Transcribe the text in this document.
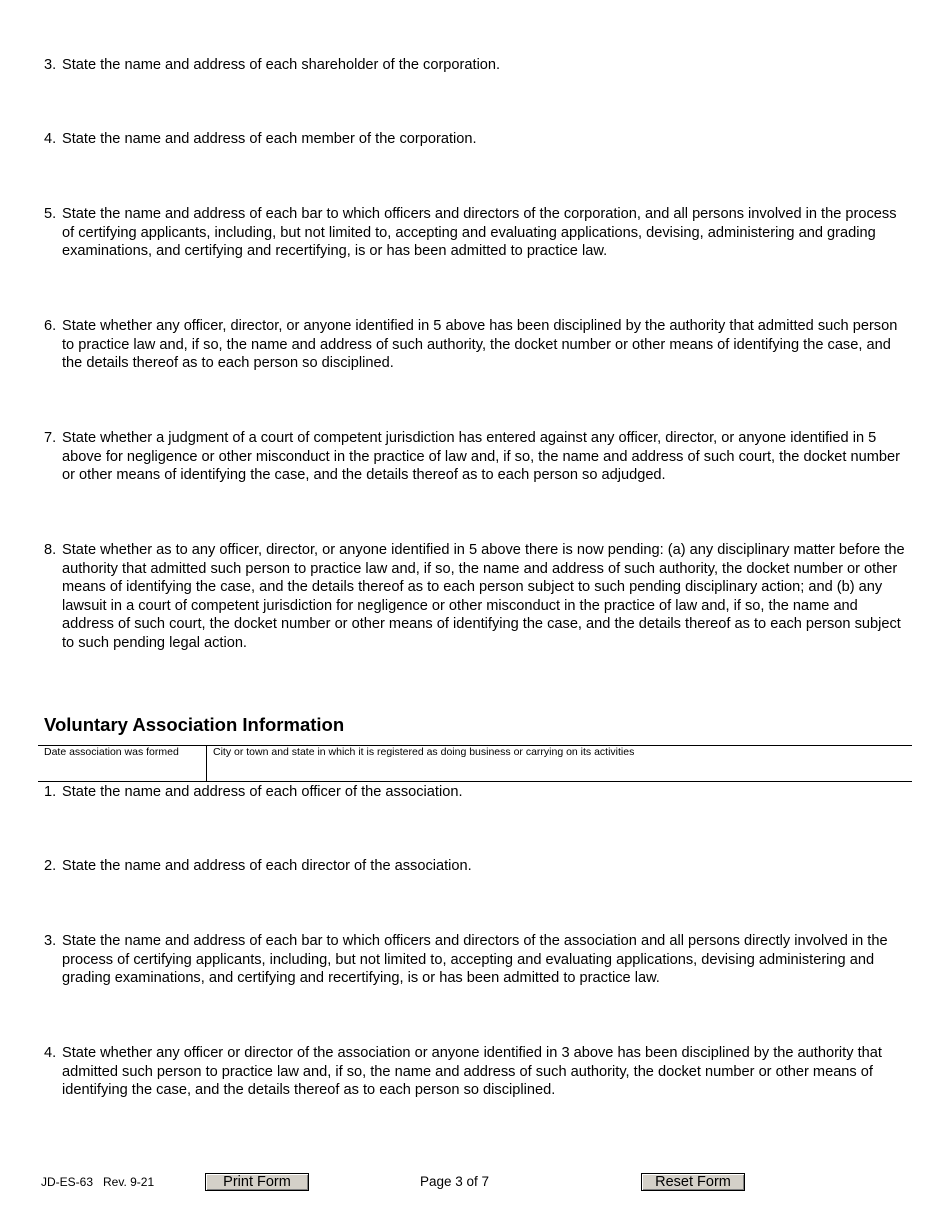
3. State the name and address of each shareholder of the corporation.
4. State the name and address of each member of the corporation.
5. State the name and address of each bar to which officers and directors of the corporation, and all persons involved in the process of certifying applicants, including, but not limited to, accepting and evaluating applications, devising, administering and grading examinations, and certifying and recertifying, is or has been admitted to practice law.
6. State whether any officer, director, or anyone identified in 5 above has been disciplined by the authority that admitted such person to practice law and, if so, the name and address of such authority, the docket number or other means of identifying the case, and the details thereof as to each person so disciplined.
7. State whether a judgment of a court of competent jurisdiction has entered against any officer, director, or anyone identified in 5 above for negligence or other misconduct in the practice of law and, if so, the name and address of such court, the docket number or other means of identifying the case, and the details thereof as to each person so adjudged.
8. State whether as to any officer, director, or anyone identified in 5 above there is now pending: (a) any disciplinary matter before the authority that admitted such person to practice law and, if so, the name and address of such authority, the docket number or other means of identifying the case, and the details thereof as to each person subject to such pending disciplinary action; and (b) any lawsuit in a court of competent jurisdiction for negligence or other misconduct in the practice of law and, if so, the name and address of such court, the docket number or other means of identifying the case, and the details thereof as to each person subject to such pending legal action.
Voluntary Association Information
Date association was formed	City or town and state in which it is registered as doing business or carrying on its activities
1. State the name and address of each officer of the association.
2. State the name and address of each director of the association.
3. State the name and address of each bar to which officers and directors of the association and all persons directly involved in the process of certifying applicants, including, but not limited to, accepting and evaluating applications, devising administering and grading examinations, and certifying and recertifying, is or has been admitted to practice law.
4. State whether any officer or director of the association or anyone identified in 3 above has been disciplined by the authority that admitted such person to practice law and, if so, the name and address of such authority, the docket number or other means of identifying the case, and the details thereof as to each person so disciplined.
JD-ES-63   Rev. 9-21	Print Form	Page 3 of 7	Reset Form
